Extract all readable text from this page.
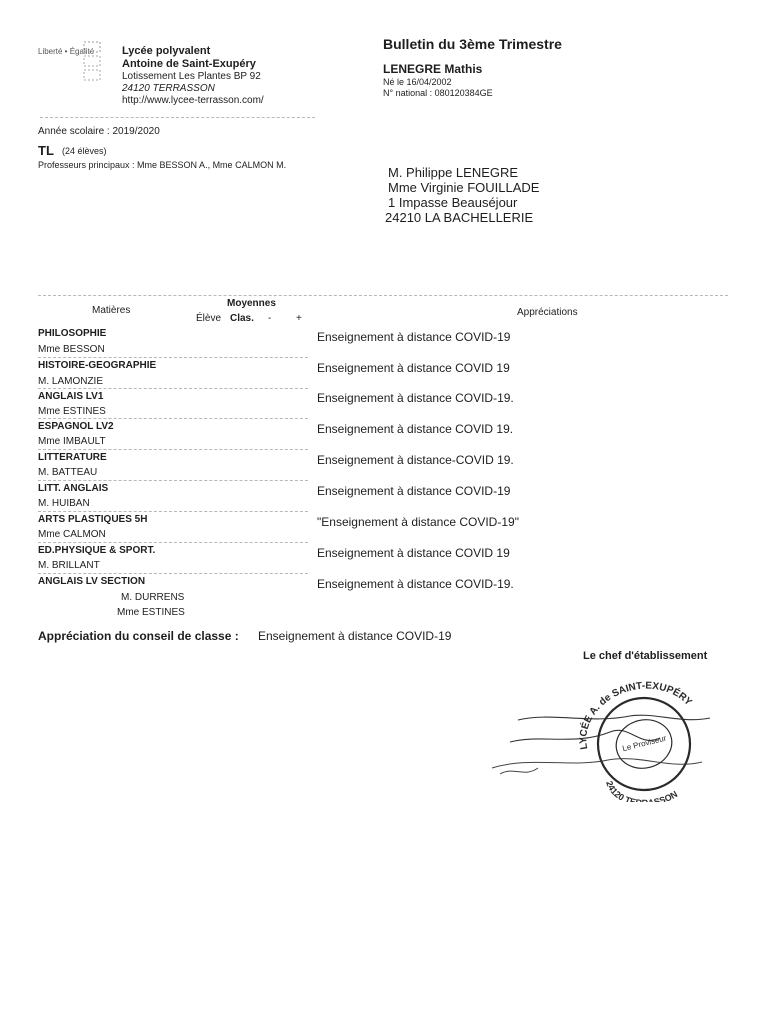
Liberté • Égalité	Lycée polyvalent
Antoine de Saint-Exupéry
Lotissement Les Plantes BP 92
24120 TERRASSON
http://www.lycee-terrasson.com/
Bulletin du 3ème Trimestre
LENEGRE Mathis
Né le 16/04/2002
N° national : 080120384GE
Année scolaire : 2019/2020
TL (24 élèves)
Professeurs principaux : Mme BESSON A., Mme CALMON M.	M. Philippe LENEGRE
Mme Virginie FOUILLADE
1 Impasse Beauséjour
24210 LA BACHELLERIE
Matières
Moyennes
Élève Clas. - +
Appréciations
PHILOSOPHIE
Mme BESSON
Enseignement à distance COVID-19
HISTOIRE-GEOGRAPHIE
M. LAMONZIE
Enseignement à distance COVID 19
ANGLAIS LV1
Mme ESTINES
Enseignement à distance COVID-19.
ESPAGNOL LV2
Mme IMBAULT
Enseignement à distance COVID 19.
LITTERATURE
M. BATTEAU
Enseignement à distance-COVID 19.
LITT. ANGLAIS
M. HUIBAN
Enseignement à distance COVID-19
ARTS PLASTIQUES 5H
Mme CALMON
"Enseignement à distance COVID-19"
ED.PHYSIQUE & SPORT.
M. BRILLANT
Enseignement à distance COVID 19
ANGLAIS LV SECTION
M. DURRENS
Mme ESTINES
Enseignement à distance COVID-19.
Appréciation du conseil de classe : Enseignement à distance COVID-19
Le chef d'établissement
LYCÉE A. de SAINT-EXUPÉRY
24120 TERRASSON
Le Proviseur
